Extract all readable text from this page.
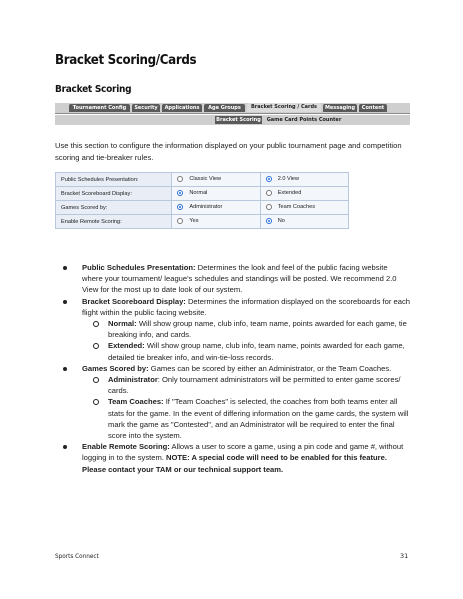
Bracket Scoring/Cards
Bracket Scoring
Tournament Config	Security	Applications	Age Groups	Bracket Scoring / Cards	Messaging	Content
Bracket Scoring	Game Card Points Counter
Use this section to configure the information displayed on your public tournament page and competition scoring and tie-breaker rules.
Public Schedules Presentation:	Classic View	2.0 View
Bracket Scoreboard Display:	Normal	Extended
Games Scored by:	Administrator	Team Coaches
Enable Remote Scoring:	Yes	No
Public Schedules Presentation: Determines the look and feel of the public facing website where your tournament/ league's schedules and standings will be posted. We recommend 2.0 View for the most up to date look of our system.
Bracket Scoreboard Display: Determines the information displayed on the scoreboards for each flight within the public facing website.
Normal: Will show group name, club info, team name, points awarded for each game, tie breaking info, and cards.
Extended: Will show group name, club info, team name, points awarded for each game, detailed tie breaker info, and win-tie-loss records.
Games Scored by: Games can be scored by either an Administrator, or the Team Coaches.
Administrator: Only tournament administrators will be permitted to enter game scores/ cards.
Team Coaches: If "Team Coaches" is selected, the coaches from both teams enter all stats for the game. In the event of differing information on the game cards, the system will mark the game as "Contested", and an Administrator will be required to enter the final score into the system.
Enable Remote Scoring: Allows a user to score a game, using a pin code and game #, without logging in to the system. NOTE: A special code will need to be enabled for this feature. Please contact your TAM or our technical support team.
Sports Connect	31
